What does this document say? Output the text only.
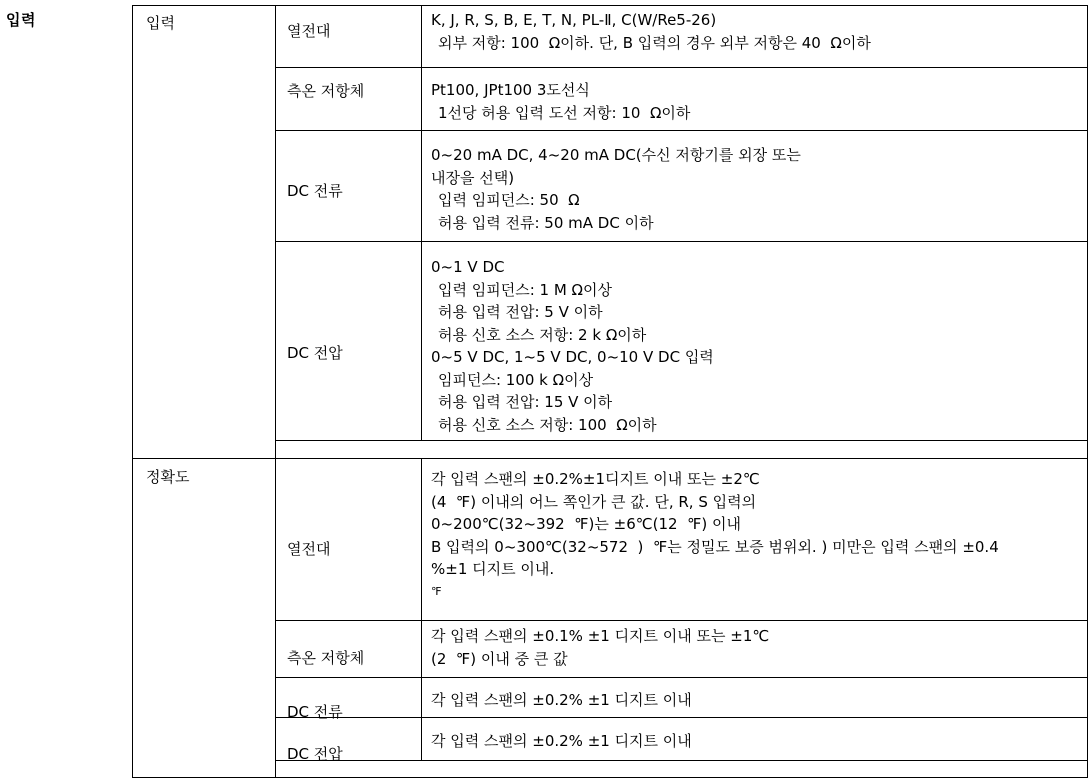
입력	입력
정확도
열전대
K, J, R, S, B, E, T, N, PL-Ⅱ, C(W/Re5-26)
외부 저항: 100  Ω이하. 단, B 입력의 경우 외부 저항은 40  Ω이하
측온 저항체	Pt100, JPt100 3도선식
1선당 허용 입력 도선 저항: 10  Ω이하
DC 전류
0~20 mA DC, 4~20 mA DC(수신 저항기를 외장 또는
내장을 선택)
입력 임피던스: 50  Ω
허용 입력 전류: 50 mA DC 이하
DC 전압
0~1 V DC
입력 임피던스: 1 M Ω이상
허용 입력 전압: 5 V 이하
허용 신호 소스 저항: 2 k Ω이하
0~5 V DC, 1~5 V DC, 0~10 V DC 입력
임피던스: 100 k Ω이상
허용 입력 전압: 15 V 이하
허용 신호 소스 저항: 100  Ω이하
열전대
각 입력 스팬의 ±0.2%±1디지트 이내 또는 ±2℃
(4  ℉) 이내의 어느 쪽인가 큰 값. 단, R, S 입력의
0~200℃(32~392  ℉)는 ±6℃(12  ℉) 이내
B 입력의 0~300℃(32~572  )  ℉는 정밀도 보증 범위외. ) 미만은 입력 스팬의 ±0.4
%±1 디지트 이내.
℉
측온 저항체
각 입력 스팬의 ±0.1% ±1 디지트 이내 또는 ±1℃
(2  ℉) 이내 중 큰 값
DC 전류
각 입력 스팬의 ±0.2% ±1 디지트 이내
DC 전압
각 입력 스팬의 ±0.2% ±1 디지트 이내
